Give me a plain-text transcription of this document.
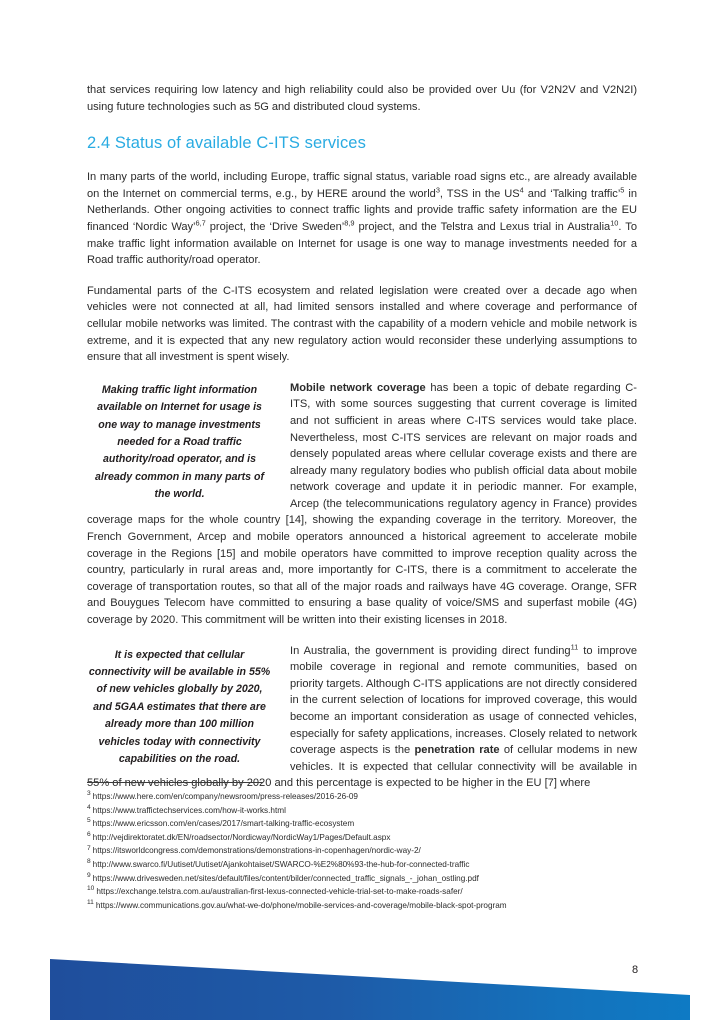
that services requiring low latency and high reliability could also be provided over Uu (for V2N2V and V2N2I) using future technologies such as 5G and distributed cloud systems.

2.4 Status of available C-ITS services

In many parts of the world, including Europe, traffic signal status, variable road signs etc., are already available on the Internet on commercial terms, e.g., by HERE around the world$^3$, TSS in the US$^4$ and ‘Talking traffic’$^5$ in Netherlands. Other ongoing activities to connect traffic lights and provide traffic safety information are the EU financed ‘Nordic Way’$^{6,7}$ project, the ‘Drive Sweden’$^{8,9}$ project, and the Telstra and Lexus trial in Australia$^{10}$. To make traffic light information available on Internet for usage is one way to manage investments needed for a Road traffic authority/road operator.

Fundamental parts of the C-ITS ecosystem and related legislation were created over a decade ago when vehicles were not connected at all, had limited sensors installed and where coverage and performance of cellular mobile networks was limited. The contrast with the capability of a modern vehicle and mobile network is extreme, and it is expected that any new regulatory action would reconsider these underlying assumptions to ensure that all investment is spent wisely.

Making traffic light information available on Internet for usage is one way to manage investments needed for a Road traffic authority/road operator, and is already common in many parts of the world.

Mobile network coverage has been a topic of debate regarding C-ITS, with some sources suggesting that current coverage is limited and not sufficient in areas where C-ITS services would take place. Nevertheless, most C-ITS services are relevant on major roads and densely populated areas where cellular coverage exists and there are already many regulatory bodies who publish official data about mobile network coverage and update it in periodic manner. For example, Arcep (the telecommunications regulatory agency in France) provides coverage maps for the whole country [14], showing the expanding coverage in the territory. Moreover, the French Government, Arcep and mobile operators announced a historical agreement to accelerate mobile coverage in the Regions [15] and mobile operators have committed to improve reception quality across the country, particularly in rural areas and, more importantly for C-ITS, there is a commitment to accelerate the coverage of transportation routes, so that all of the major roads and railways have 4G coverage. Orange, SFR and Bouygues Telecom have committed to ensuring a base quality of voice/SMS and superfast mobile (4G) coverage by 2020. This commitment will be written into their existing licenses in 2018.

It is expected that cellular connectivity will be available in 55% of new vehicles globally by 2020, and 5GAA estimates that there are already more than 100 million vehicles today with connectivity capabilities on the road.

In Australia, the government is providing direct funding$^{11}$ to improve mobile coverage in regional and remote communities, based on priority targets. Although C-ITS applications are not directly considered in the current selection of locations for improved coverage, this would become an important consideration as usage of connected vehicles, especially for safety applications, increases. Closely related to network coverage aspects is the penetration rate of cellular modems in new vehicles. It is expected that cellular connectivity will be available in 55% of new vehicles globally by 2020 and this percentage is expected to be higher in the EU [7] where

$^3$ https://www.here.com/en/company/newsroom/press-releases/2016-26-09
$^4$ https://www.traffictechservices.com/how-it-works.html
$^5$ https://www.ericsson.com/en/cases/2017/smart-talking-traffic-ecosystem
$^6$ http://vejdirektoratet.dk/EN/roadsector/Nordicway/NordicWay1/Pages/Default.aspx
$^7$ https://itsworldcongress.com/demonstrations/demonstrations-in-copenhagen/nordic-way-2/
$^8$ http://www.swarco.fi/Uutiset/Uutiset/Ajankohtaiset/SWARCO-%E2%80%93-the-hub-for-connected-traffic
$^9$ https://www.drivesweden.net/sites/default/files/content/bilder/connected_traffic_signals_-_johan_ostling.pdf
$^{10}$ https://exchange.telstra.com.au/australian-first-lexus-connected-vehicle-trial-set-to-make-roads-safer/
$^{11}$ https://www.communications.gov.au/what-we-do/phone/mobile-services-and-coverage/mobile-black-spot-program
8
